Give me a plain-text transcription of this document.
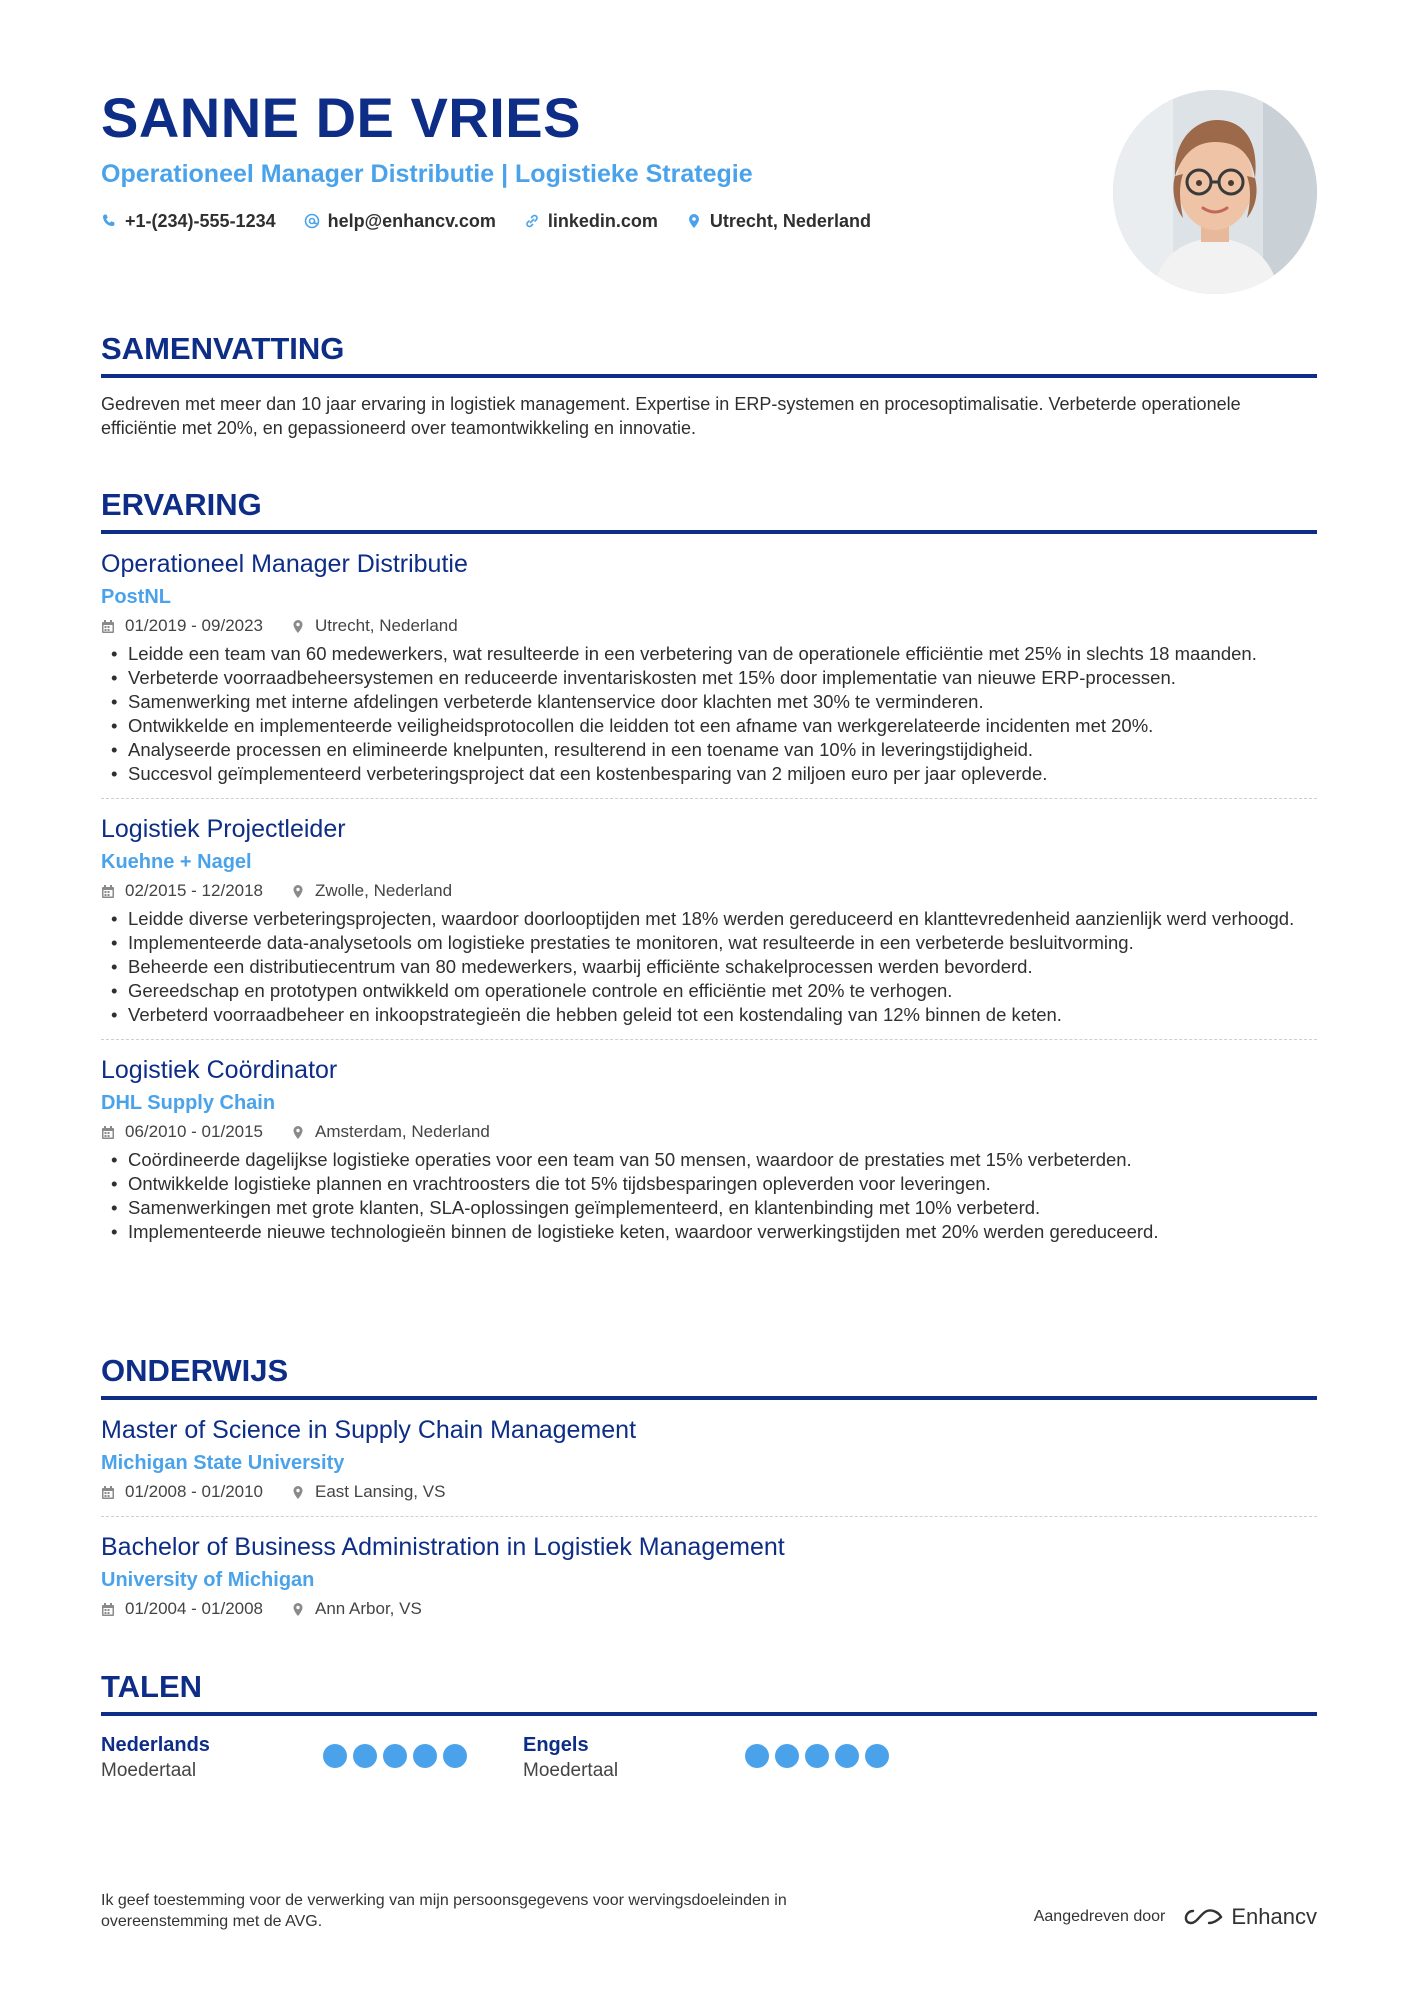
SANNE DE VRIES
Operationeel Manager Distributie | Logistieke Strategie
+1-(234)-555-1234	help@enhancv.com	linkedin.com	Utrecht, Nederland
SAMENVATTING
Gedreven met meer dan 10 jaar ervaring in logistiek management. Expertise in ERP-systemen en procesoptimalisatie. Verbeterde operationele efficiëntie met 20%, en gepassioneerd over teamontwikkeling en innovatie.
ERVARING
Operationeel Manager Distributie
PostNL
01/2019 - 09/2023	Utrecht, Nederland
• Leidde een team van 60 medewerkers, wat resulteerde in een verbetering van de operationele efficiëntie met 25% in slechts 18 maanden.
• Verbeterde voorraadbeheersystemen en reduceerde inventariskosten met 15% door implementatie van nieuwe ERP-processen.
• Samenwerking met interne afdelingen verbeterde klantenservice door klachten met 30% te verminderen.
• Ontwikkelde en implementeerde veiligheidsprotocollen die leidden tot een afname van werkgerelateerde incidenten met 20%.
• Analyseerde processen en elimineerde knelpunten, resulterend in een toename van 10% in leveringstijdigheid.
• Succesvol geïmplementeerd verbeteringsproject dat een kostenbesparing van 2 miljoen euro per jaar opleverde.
Logistiek Projectleider
Kuehne + Nagel
02/2015 - 12/2018	Zwolle, Nederland
• Leidde diverse verbeteringsprojecten, waardoor doorlooptijden met 18% werden gereduceerd en klanttevredenheid aanzienlijk werd verhoogd.
• Implementeerde data-analysetools om logistieke prestaties te monitoren, wat resulteerde in een verbeterde besluitvorming.
• Beheerde een distributiecentrum van 80 medewerkers, waarbij efficiënte schakelprocessen werden bevorderd.
• Gereedschap en prototypen ontwikkeld om operationele controle en efficiëntie met 20% te verhogen.
• Verbeterd voorraadbeheer en inkoopstrategieën die hebben geleid tot een kostendaling van 12% binnen de keten.
Logistiek Coördinator
DHL Supply Chain
06/2010 - 01/2015	Amsterdam, Nederland
• Coördineerde dagelijkse logistieke operaties voor een team van 50 mensen, waardoor de prestaties met 15% verbeterden.
• Ontwikkelde logistieke plannen en vrachtroosters die tot 5% tijdsbesparingen opleverden voor leveringen.
• Samenwerkingen met grote klanten, SLA-oplossingen geïmplementeerd, en klantenbinding met 10% verbeterd.
• Implementeerde nieuwe technologieën binnen de logistieke keten, waardoor verwerkingstijden met 20% werden gereduceerd.
ONDERWIJS
Master of Science in Supply Chain Management
Michigan State University
01/2008 - 01/2010	East Lansing, VS
Bachelor of Business Administration in Logistiek Management
University of Michigan
01/2004 - 01/2008	Ann Arbor, VS
TALEN
Nederlands
Moedertaal
Engels
Moedertaal
Ik geef toestemming voor de verwerking van mijn persoonsgegevens voor wervingsdoeleinden in overeenstemming met de AVG.	Aangedreven door	Enhancv
